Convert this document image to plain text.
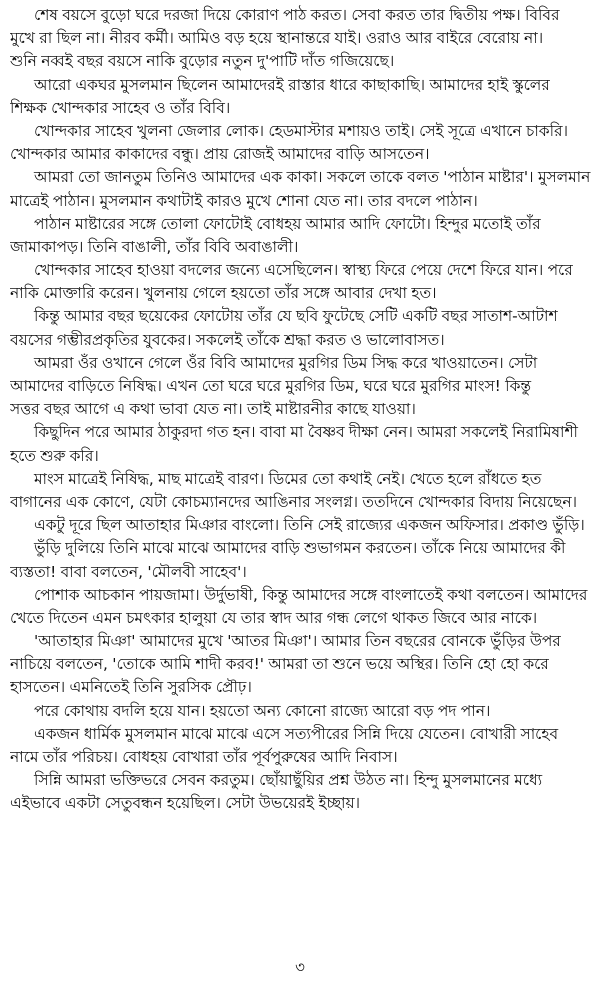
শেষ বয়সে বুড়ো ঘরে দরজা দিয়ে কোরাণ পাঠ করত। সেবা করত তার দ্বিতীয় পক্ষ। বিবির
মুখে রা ছিল না। নীরব কর্মী। আমিও বড় হয়ে স্থানান্তরে যাই। ওরাও আর বাইরে বেরোয় না।
শুনি নব্বই বছর বয়সে নাকি বুড়োর নতুন দু'পাটি দাঁত গজিয়েছে।
আরো একঘর মুসলমান ছিলেন আমাদেরই রাস্তার ধারে কাছাকাছি। আমাদের হাই স্কুলের
শিক্ষক খোন্দকার সাহেব ও তাঁর বিবি।
খোন্দকার সাহেব খুলনা জেলার লোক। হেডমাস্টার মশায়ও তাই। সেই সূত্রে এখানে চাকরি।
খোন্দকার আমার কাকাদের বন্ধু। প্রায় রোজই আমাদের বাড়ি আসতেন।
আমরা তো জানতুম তিনিও আমাদের এক কাকা। সকলে তাকে বলত 'পাঠান মাষ্টার'। মুসলমান
মাত্রেই পাঠান। মুসলমান কথাটাই কারও মুখে শোনা যেত না। তার বদলে পাঠান।
পাঠান মাষ্টারের সঙ্গে তোলা ফোটোই বোধহয় আমার আদি ফোটো। হিন্দুর মতোই তাঁর
জামাকাপড়। তিনি বাঙালী, তাঁর বিবি অবাঙালী।
খোন্দকার সাহেব হাওয়া বদলের জন্যে এসেছিলেন। স্বাস্থ্য ফিরে পেয়ে দেশে ফিরে যান। পরে
নাকি মোক্তারি করেন। খুলনায় গেলে হয়তো তাঁর সঙ্গে আবার দেখা হত।
কিন্তু আমার বছর ছয়েকের ফোটোয় তাঁর যে ছবি ফুটেছে সেটি একটি বছর সাতাশ-আটাশ
বয়সের গম্ভীরপ্রকৃতির যুবকের। সকলেই তাঁকে শ্রদ্ধা করত ও ভালোবাসত।
আমরা ওঁর ওখানে গেলে ওঁর বিবি আমাদের মুরগির ডিম সিদ্ধ করে খাওয়াতেন। সেটা
আমাদের বাড়িতে নিষিদ্ধ। এখন তো ঘরে ঘরে মুরগির ডিম, ঘরে ঘরে মুরগির মাংস! কিন্তু
সত্তর বছর আগে এ কথা ভাবা যেত না। তাই মাষ্টারনীর কাছে যাওয়া।
কিছুদিন পরে আমার ঠাকুরদা গত হন। বাবা মা বৈষ্ণব দীক্ষা নেন। আমরা সকলেই নিরামিষাশী
হতে শুরু করি।
মাংস মাত্রেই নিষিদ্ধ, মাছ মাত্রেই বারণ। ডিমের তো কথাই নেই। খেতে হলে রাঁধতে হত
বাগানের এক কোণে, যেটা কোচম্যানদের আঙিনার সংলগ্ন। ততদিনে খোন্দকার বিদায় নিয়েছেন।
একটু দূরে ছিল আতাহার মিঞার বাংলো। তিনি সেই রাজ্যের একজন অফিসার। প্রকাণ্ড ভুঁড়ি।
ভুঁড়ি দুলিয়ে তিনি মাঝে মাঝে আমাদের বাড়ি শুভাগমন করতেন। তাঁকে নিয়ে আমাদের কী
ব্যস্ততা! বাবা বলতেন, 'মৌলবী সাহেব'।
পোশাক আচকান পায়জামা। উর্দুভাষী, কিন্তু আমাদের সঙ্গে বাংলাতেই কথা বলতেন। আমাদের
খেতে দিতেন এমন চমৎকার হালুয়া যে তার স্বাদ আর গন্ধ লেগে থাকত জিবে আর নাকে।
'আতাহার মিঞা' আমাদের মুখে 'আতর মিঞা'। আমার তিন বছরের বোনকে ভুঁড়ির উপর
নাচিয়ে বলতেন, 'তোকে আমি শাদী করব!' আমরা তা শুনে ভয়ে অস্থির। তিনি হো হো করে
হাসতেন। এমনিতেই তিনি সুরসিক প্রৌঢ়।
পরে কোথায় বদলি হয়ে যান। হয়তো অন্য কোনো রাজ্যে আরো বড় পদ পান।
একজন ধার্মিক মুসলমান মাঝে মাঝে এসে সত্যপীরের সিন্নি দিয়ে যেতেন। বোখারী সাহেব
নামে তাঁর পরিচয়। বোধহয় বোখারা তাঁর পূর্বপুরুষের আদি নিবাস।
সিন্নি আমরা ভক্তিভরে সেবন করতুম। ছোঁয়াছুঁয়ির প্রশ্ন উঠত না। হিন্দু মুসলমানের মধ্যে
এইভাবে একটা সেতুবন্ধন হয়েছিল। সেটা উভয়েরই ইচ্ছায়।
৩
